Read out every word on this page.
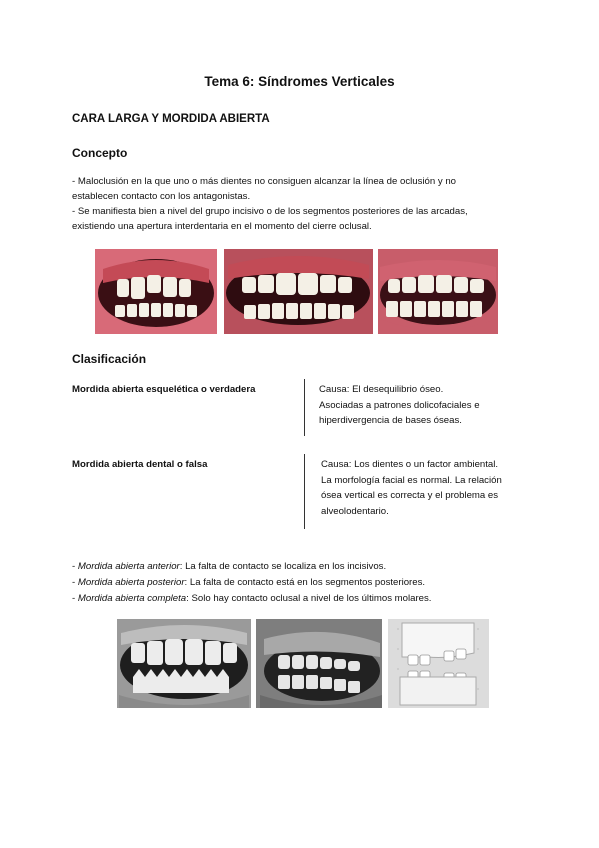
Tema 6: Síndromes Verticales
CARA LARGA Y MORDIDA ABIERTA
Concepto
- Maloclusión en la que uno o más dientes no consiguen alcanzar la línea de oclusión y no
establecen contacto con los antagonistas.
- Se manifiesta bien a nivel del grupo incisivo o de los segmentos posteriores de las arcadas,
existiendo una apertura interdentaria en el momento del cierre oclusal.
Clasificación
Mordida abierta esquelética o verdadera	Causa: El desequilibrio óseo.
Asociadas a patrones dolicofaciales e
hiperdivergencia de bases óseas.
Mordida abierta dental o falsa	Causa: Los dientes o un factor ambiental.
La morfología facial es normal. La relación
ósea vertical es correcta y el problema es
alveolodentario.
- Mordida abierta anterior: La falta de contacto se localiza en los incisivos.
- Mordida abierta posterior: La falta de contacto está en los segmentos posteriores.
- Mordida abierta completa: Solo hay contacto oclusal a nivel de los últimos molares.
